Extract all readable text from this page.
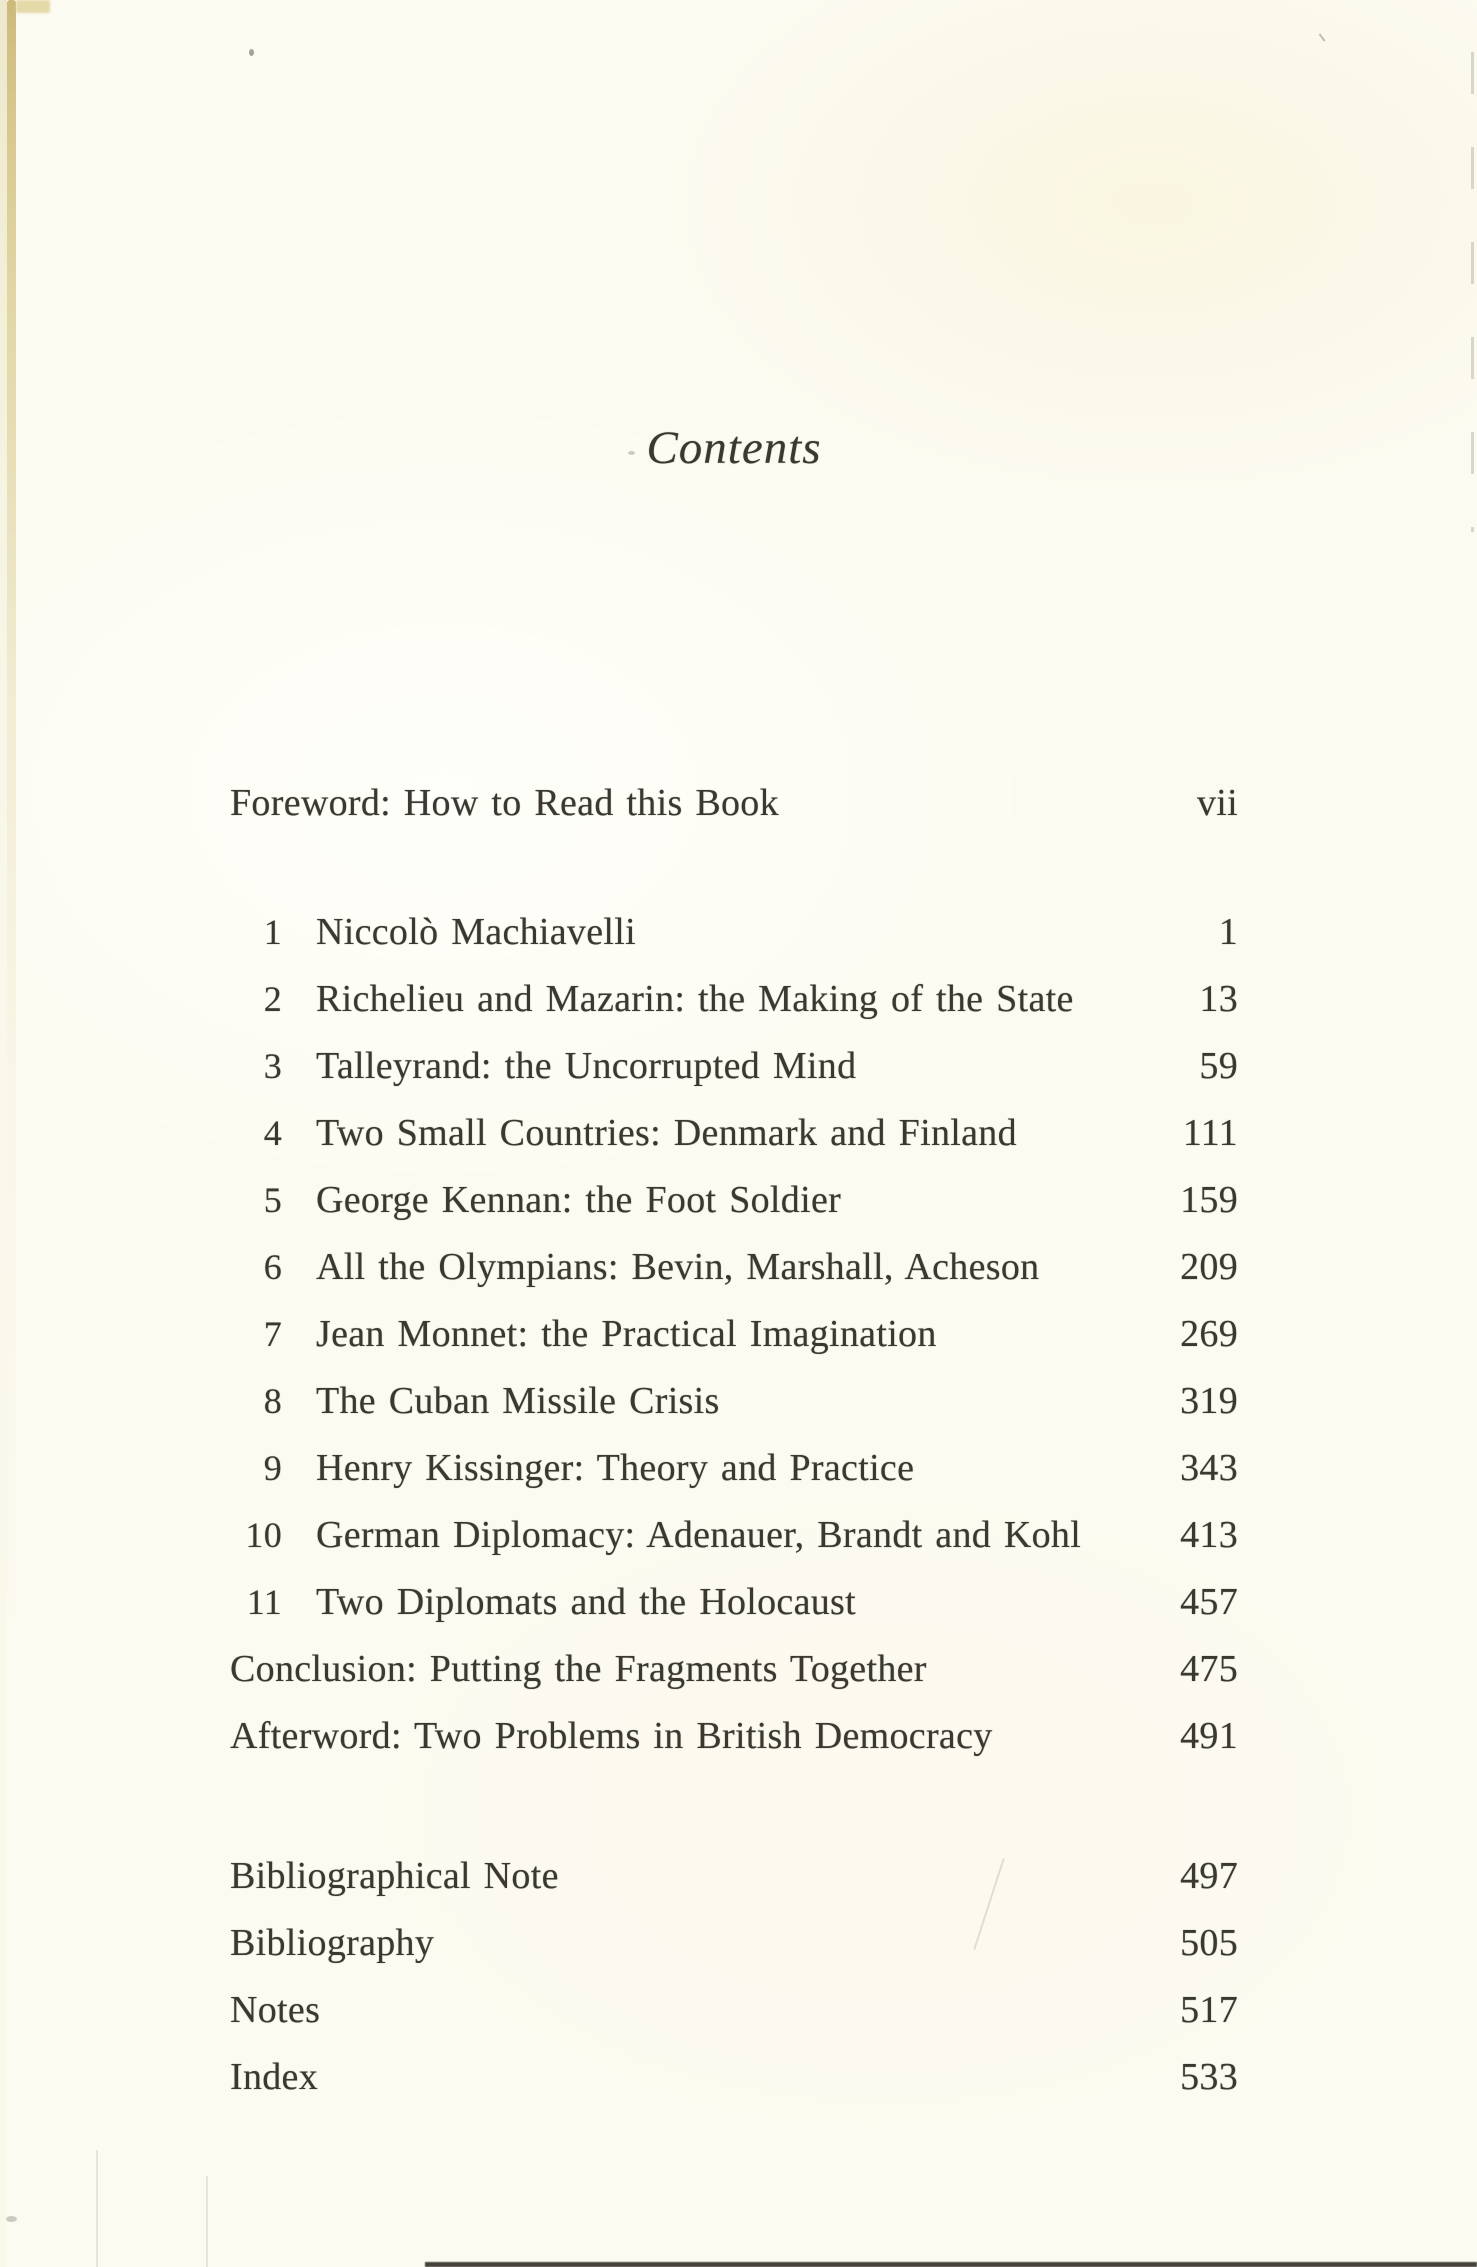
Contents
Foreword: How to Read this Book	vii
1 Niccolò Machiavelli	1
2 Richelieu and Mazarin: the Making of the State	13
3 Talleyrand: the Uncorrupted Mind	59
4 Two Small Countries: Denmark and Finland	111
5 George Kennan: the Foot Soldier	159
6 All the Olympians: Bevin, Marshall, Acheson	209
7 Jean Monnet: the Practical Imagination	269
8 The Cuban Missile Crisis	319
9 Henry Kissinger: Theory and Practice	343
10 German Diplomacy: Adenauer, Brandt and Kohl	413
11 Two Diplomats and the Holocaust	457
Conclusion: Putting the Fragments Together	475
Afterword: Two Problems in British Democracy	491
Bibliographical Note	497
Bibliography	505
Notes	517
Index	533
